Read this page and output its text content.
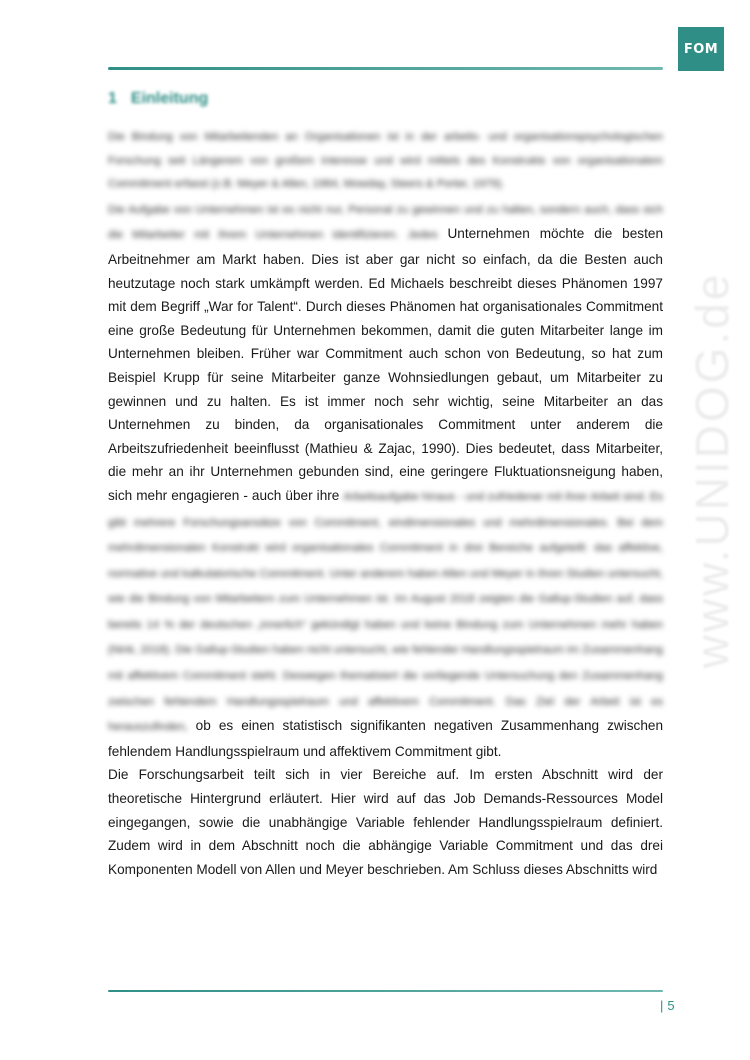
FOM
www.UNIDOG.de
1 Einleitung

Die Bindung von Mitarbeitenden an Organisationen ist in der arbeits- und organisationspsychologischen Forschung seit Längerem von großem Interesse und wird mittels des Konstrukts von organisationalem Commitment erfasst (z.B. Meyer & Allen, 1984, Mowday, Steers & Porter, 1979).

Die Aufgabe von Unternehmen ist es nicht nur, Personal zu gewinnen und zu halten, sondern auch, dass sich die Mitarbeiter mit ihrem Unternehmen identifizieren. Jedes Unternehmen möchte die besten Arbeitnehmer am Markt haben. Dies ist aber gar nicht so einfach, da die Besten auch heutzutage noch stark umkämpft werden. Ed Michaels beschreibt dieses Phänomen 1997 mit dem Begriff „War for Talent“. Durch dieses Phänomen hat organisationales Commitment eine große Bedeutung für Unternehmen bekommen, damit die guten Mitarbeiter lange im Unternehmen bleiben. Früher war Commitment auch schon von Bedeutung, so hat zum Beispiel Krupp für seine Mitarbeiter ganze Wohnsiedlungen gebaut, um Mitarbeiter zu gewinnen und zu halten. Es ist immer noch sehr wichtig, seine Mitarbeiter an das Unternehmen zu binden, da organisationales Commitment unter anderem die Arbeitszufriedenheit beeinflusst (Mathieu & Zajac, 1990). Dies bedeutet, dass Mitarbeiter, die mehr an ihr Unternehmen gebunden sind, eine geringere Fluktuationsneigung haben, sich mehr engagieren - auch über ihre Arbeitsaufgabe hinaus - und zufriedener mit ihrer Arbeit sind. Es gibt mehrere Forschungsansätze von Commitment, eindimensionales und mehrdimensionales. Bei dem mehrdimensionalen Konstrukt wird organisationales Commitment in drei Bereiche aufgeteilt: das affektive, normative und kalkulatorische Commitment. Unter anderem haben Allen und Meyer in ihren Studien untersucht, wie die Bindung von Mitarbeitern zum Unternehmen ist. Im August 2018 zeigten die Gallup-Studien auf, dass bereits 14 % der deutschen „innerlich“ gekündigt haben und keine Bindung zum Unternehmen mehr haben (Nink, 2018). Die Gallup-Studien haben nicht untersucht, wie fehlender Handlungsspielraum im Zusammenhang mit affektivem Commitment steht. Deswegen thematisiert die vorliegende Untersuchung den Zusammenhang zwischen fehlendem Handlungsspielraum und affektivem Commitment. Das Ziel der Arbeit ist es herauszufinden, ob es einen statistisch signifikanten negativen Zusammenhang zwischen fehlendem Handlungsspielraum und affektivem Commitment gibt.

Die Forschungsarbeit teilt sich in vier Bereiche auf. Im ersten Abschnitt wird der theoretische Hintergrund erläutert. Hier wird auf das Job Demands-Ressources Model eingegangen, sowie die unabhängige Variable fehlender Handlungsspielraum definiert. Zudem wird in dem Abschnitt noch die abhängige Variable Commitment und das drei Komponenten Modell von Allen und Meyer beschrieben. Am Schluss dieses Abschnitts wird

| 5
